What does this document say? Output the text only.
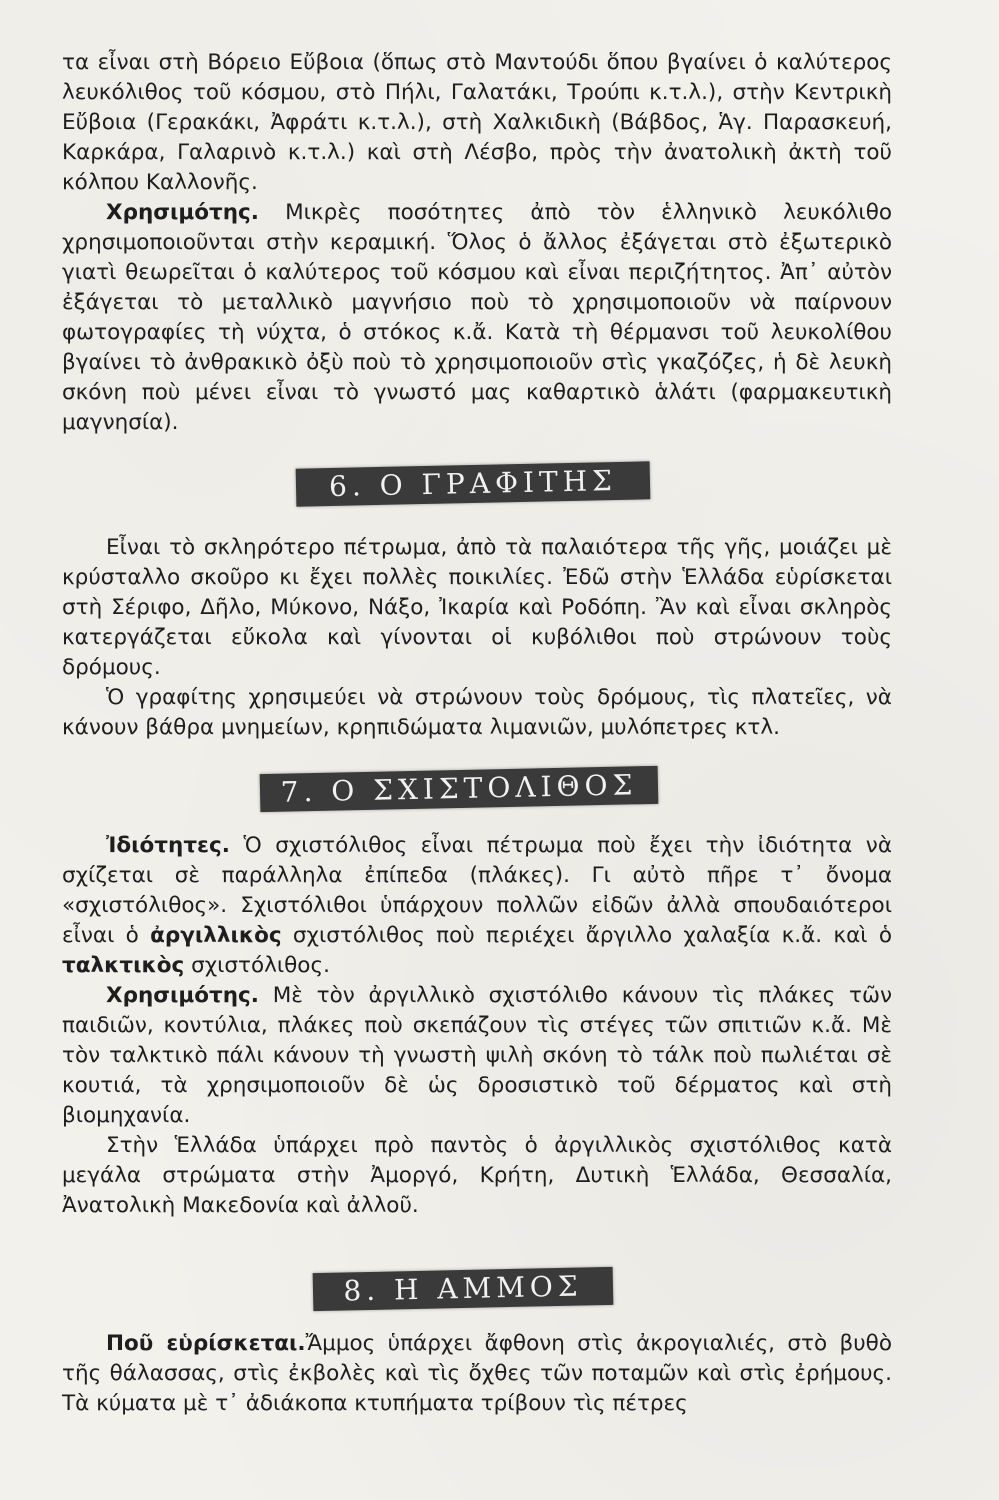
τα εἶναι στὴ Βόρειο Εὔβοια (ὅπως στὸ Μαντούδι ὅπου βγαίνει ὁ καλύτερος λευκόλιθος τοῦ κόσμου, στὸ Πήλι, Γαλατάκι, Τρούπι κ.τ.λ.), στὴν Κεντρικὴ Εὔβοια (Γερακάκι, Ἀφράτι κ.τ.λ.), στὴ Χαλκιδικὴ (Βάβδος, Ἁγ. Παρασκευή, Καρκάρα, Γαλαρινὸ κ.τ.λ.) καὶ στὴ Λέσβο, πρὸς τὴν ἀνατολικὴ ἀκτὴ τοῦ κόλπου Καλλονῆς.

Χρησιμότης. Μικρὲς ποσότητες ἀπὸ τὸν ἑλληνικὸ λευκόλιθο χρησιμοποιοῦνται στὴν κεραμική. Ὅλος ὁ ἄλλος ἐξάγεται στὸ ἐξωτερικὸ γιατὶ θεωρεῖται ὁ καλύτερος τοῦ κόσμου καὶ εἶναι περιζήτητος. Ἀπ᾿ αὐτὸν ἐξάγεται τὸ μεταλλικὸ μαγνήσιο ποὺ τὸ χρησιμοποιοῦν νὰ παίρνουν φωτογραφίες τὴ νύχτα, ὁ στόκος κ.ἄ. Κατὰ τὴ θέρμανσι τοῦ λευκολίθου βγαίνει τὸ ἀνθρακικὸ ὀξὺ ποὺ τὸ χρησιμοποιοῦν στὶς γκαζόζες, ἡ δὲ λευκὴ σκόνη ποὺ μένει εἶναι τὸ γνωστό μας καθαρτικὸ ἁλάτι (φαρμακευτικὴ μαγνησία).

6. Ο ΓΡΑΦΙΤΗΣ

Εἶναι τὸ σκληρότερο πέτρωμα, ἀπὸ τὰ παλαιότερα τῆς γῆς, μοιάζει μὲ κρύσταλλο σκοῦρο κι ἔχει πολλὲς ποικιλίες. Ἐδῶ στὴν Ἑλλάδα εὑρίσκεται στὴ Σέριφο, Δῆλο, Μύκονο, Νάξο, Ἰκαρία καὶ Ροδόπη. Ἂν καὶ εἶναι σκληρὸς κατεργάζεται εὔκολα καὶ γίνονται οἱ κυβόλιθοι ποὺ στρώνουν τοὺς δρόμους.

Ὁ γραφίτης χρησιμεύει νὰ στρώνουν τοὺς δρόμους, τὶς πλατεῖες, νὰ κάνουν βάθρα μνημείων, κρηπιδώματα λιμανιῶν, μυλόπετρες κτλ.

7. Ο ΣΧΙΣΤΟΛΙΘΟΣ

Ἰδιότητες. Ὁ σχιστόλιθος εἶναι πέτρωμα ποὺ ἔχει τὴν ἰδιότητα νὰ σχίζεται σὲ παράλληλα ἐπίπεδα (πλάκες). Γι αὐτὸ πῆρε τ᾿ ὄνομα «σχιστόλιθος». Σχιστόλιθοι ὑπάρχουν πολλῶν εἰδῶν ἀλλὰ σπουδαιότεροι εἶναι ὁ ἀργιλλικὸς σχιστόλιθος ποὺ περιέχει ἄργιλλο χαλαξία κ.ἄ. καὶ ὁ ταλκτικὸς σχιστόλιθος.

Χρησιμότης. Μὲ τὸν ἀργιλλικὸ σχιστόλιθο κάνουν τὶς πλάκες τῶν παιδιῶν, κοντύλια, πλάκες ποὺ σκεπάζουν τὶς στέγες τῶν σπιτιῶν κ.ἄ. Μὲ τὸν ταλκτικὸ πάλι κάνουν τὴ γνωστὴ ψιλὴ σκόνη τὸ τάλκ ποὺ πωλιέται σὲ κουτιά, τὰ χρησιμοποιοῦν δὲ ὡς δροσιστικὸ τοῦ δέρματος καὶ στὴ βιομηχανία.

Στὴν Ἑλλάδα ὑπάρχει πρὸ παντὸς ὁ ἀργιλλικὸς σχιστόλιθος κατὰ μεγάλα στρώματα στὴν Ἀμοργό, Κρήτη, Δυτικὴ Ἑλλάδα, Θεσσαλία, Ἀνατολικὴ Μακεδονία καὶ ἀλλοῦ.

8. Η ΑΜΜΟΣ

Ποῦ εὑρίσκεται.Ἄμμος ὑπάρχει ἄφθονη στὶς ἀκρογιαλιές, στὸ βυθὸ τῆς θάλασσας, στὶς ἐκβολὲς καὶ τὶς ὄχθες τῶν ποταμῶν καὶ στὶς ἐρήμους. Τὰ κύματα μὲ τ᾿ ἀδιάκοπα κτυπήματα τρίβουν τὶς πέτρες
